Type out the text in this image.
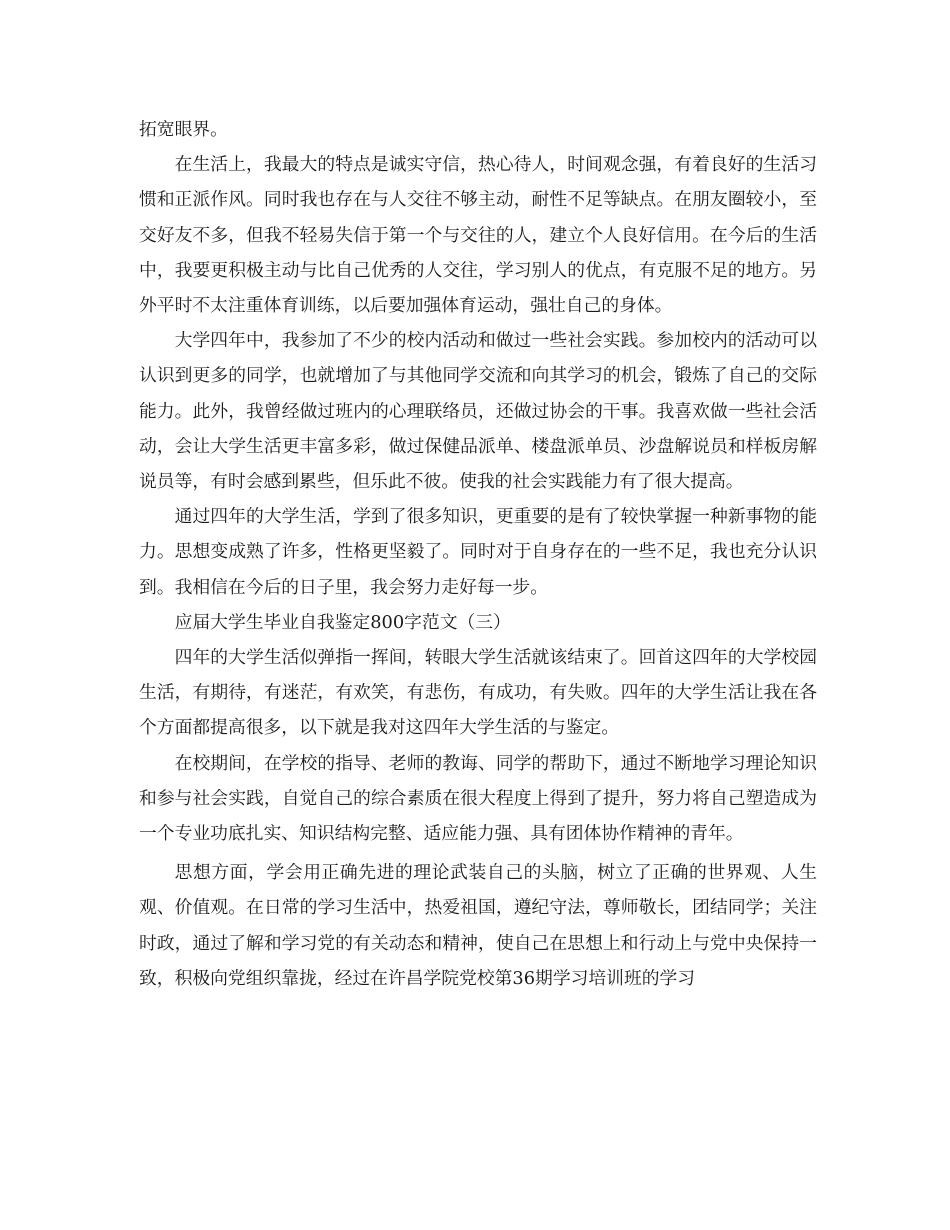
拓宽眼界。

在生活上，我最大的特点是诚实守信，热心待人，时间观念强，有着良好的生活习惯和正派作风。同时我也存在与人交往不够主动，耐性不足等缺点。在朋友圈较小，至交好友不多，但我不轻易失信于第一个与交往的人，建立个人良好信用。在今后的生活中，我要更积极主动与比自己优秀的人交往，学习别人的优点，有克服不足的地方。另外平时不太注重体育训练，以后要加强体育运动，强壮自己的身体。

大学四年中，我参加了不少的校内活动和做过一些社会实践。参加校内的活动可以认识到更多的同学，也就增加了与其他同学交流和向其学习的机会，锻炼了自己的交际能力。此外，我曾经做过班内的心理联络员，还做过协会的干事。我喜欢做一些社会活动，会让大学生活更丰富多彩，做过保健品派单、楼盘派单员、沙盘解说员和样板房解说员等，有时会感到累些，但乐此不彼。使我的社会实践能力有了很大提高。

通过四年的大学生活，学到了很多知识，更重要的是有了较快掌握一种新事物的能力。思想变成熟了许多，性格更坚毅了。同时对于自身存在的一些不足，我也充分认识到。我相信在今后的日子里，我会努力走好每一步。

应届大学生毕业自我鉴定800字范文（三）

四年的大学生活似弹指一挥间，转眼大学生活就该结束了。回首这四年的大学校园生活，有期待，有迷茫，有欢笑，有悲伤，有成功，有失败。四年的大学生活让我在各个方面都提高很多，以下就是我对这四年大学生活的与鉴定。

在校期间，在学校的指导、老师的教诲、同学的帮助下，通过不断地学习理论知识和参与社会实践，自觉自己的综合素质在很大程度上得到了提升，努力将自己塑造成为一个专业功底扎实、知识结构完整、适应能力强、具有团体协作精神的青年。

思想方面，学会用正确先进的理论武装自己的头脑，树立了正确的世界观、人生观、价值观。在日常的学习生活中，热爱祖国，遵纪守法，尊师敬长，团结同学；关注时政，通过了解和学习党的有关动态和精神，使自己在思想上和行动上与党中央保持一致，积极向党组织靠拢，经过在许昌学院党校第36期学习培训班的学习
